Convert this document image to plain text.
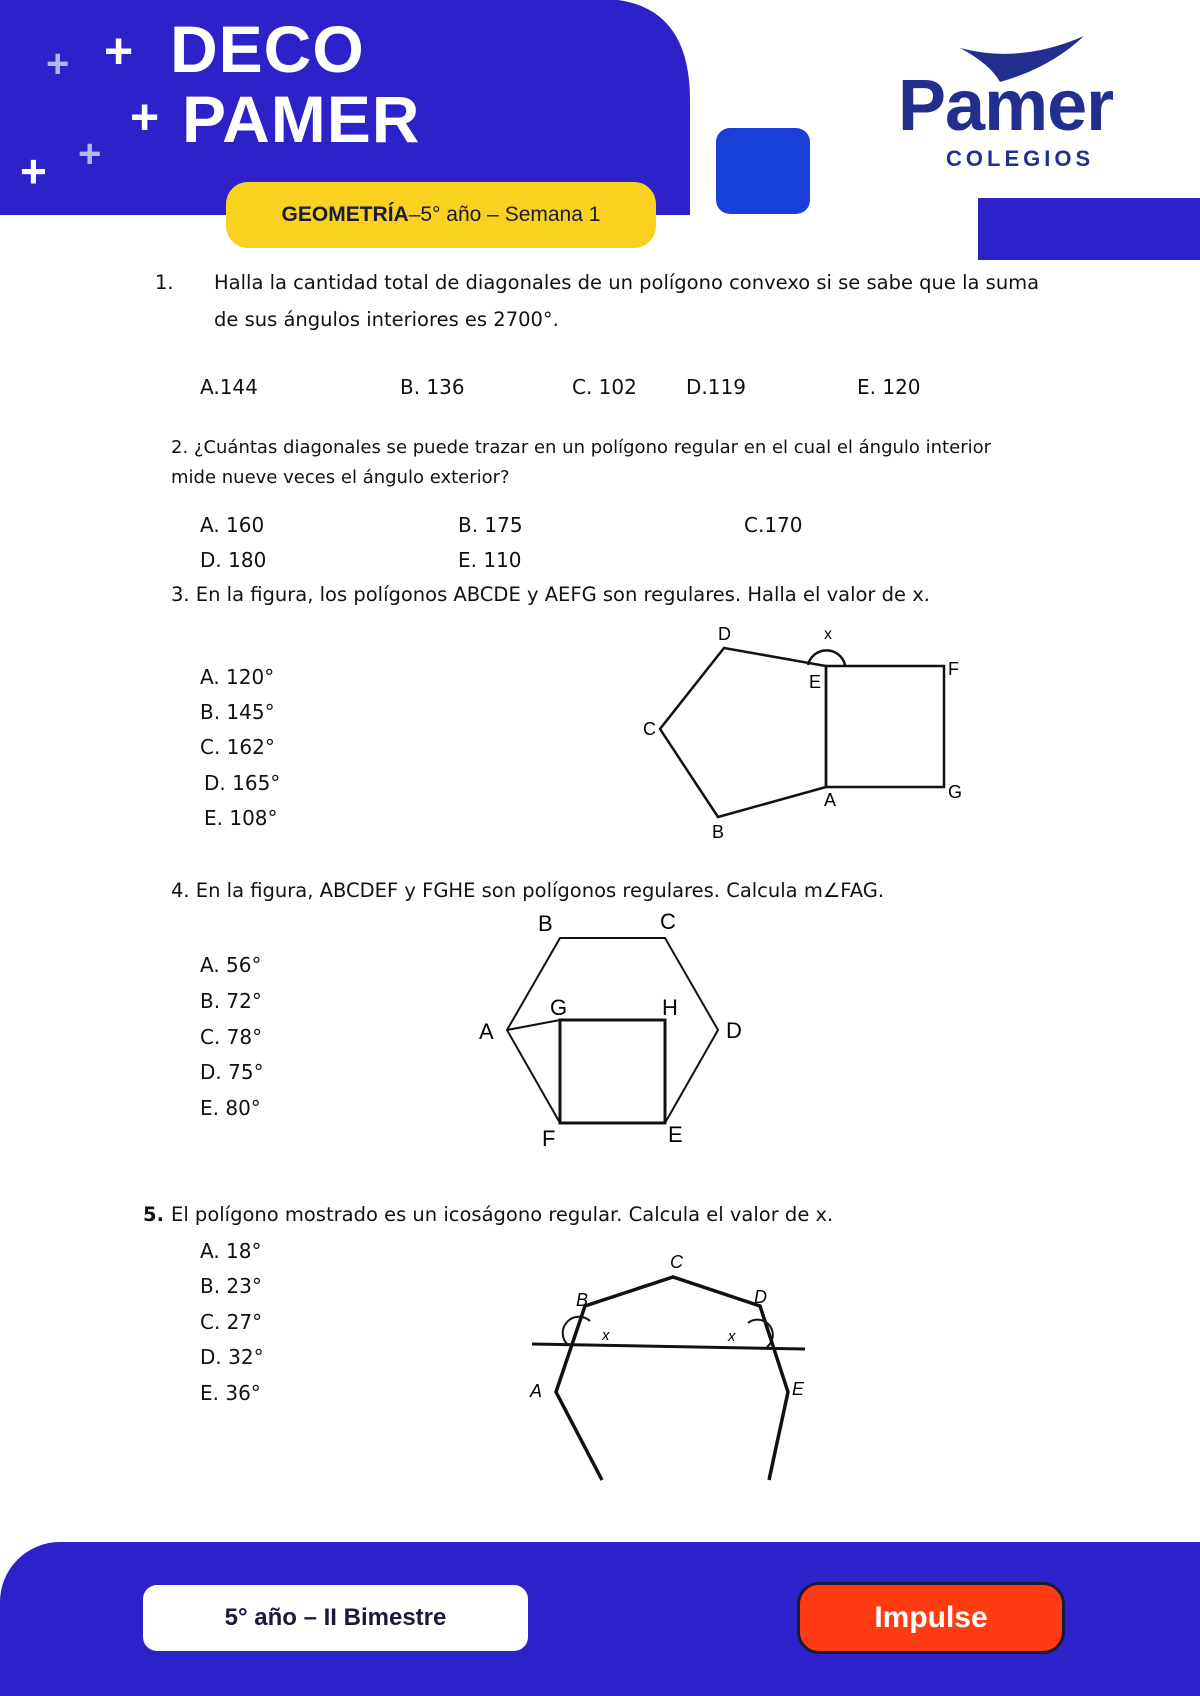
+ +
+
+
+
DECO
PAMER
GEOMETRÍA –5° año – Semana 1
Pamer
COLEGIOS
1. Halla la cantidad total de diagonales de un polígono convexo si se sabe que la suma
de sus ángulos interiores es 2700°.
A.144	B. 136	C. 102 D.119	E. 120
2. ¿Cuántas diagonales se puede trazar en un polígono regular en el cual el ángulo interior
mide nueve veces el ángulo exterior?
A. 160	B. 175	C.170
D. 180	E. 110
3. En la figura, los polígonos ABCDE y AEFG son regulares. Halla el valor de x.
A. 120°
B. 145°
C. 162°
D. 165°
E. 108°
D	x
E
F
C
A	G
B
4. En la figura, ABCDEF y FGHE son polígonos regulares. Calcula m∠FAG.
A. 56°
B. 72°
C. 78°
D. 75°
E. 80°
B	C
A
G	H
D
F	E
5. El polígono mostrado es un icoságono regular. Calcula el valor de x.
A. 18°
B. 23°
C. 27°
D. 32°
E. 36°
C
B	D
x	x
A	E
5° año – II Bimestre	Impulse
